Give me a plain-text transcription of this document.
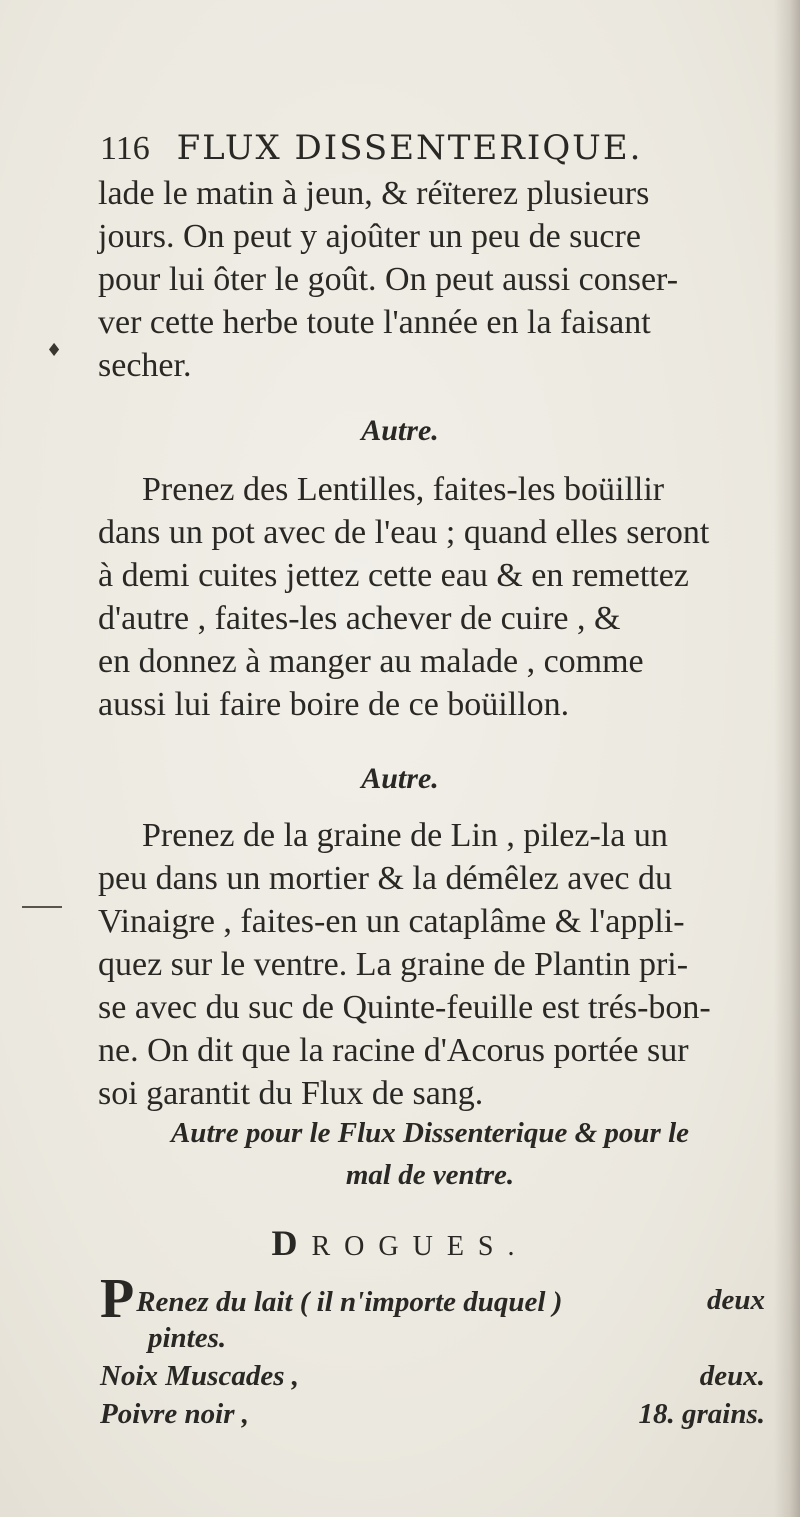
116 FLUX DISSENTERIQUE.
lade le matin à jeun, & réïterez plusieurs
jours. On peut y ajoûter un peu de sucre
pour lui ôter le goût. On peut aussi conser-
ver cette herbe toute l'année en la faisant
secher.
♦
Autre.
Prenez des Lentilles, faites-les boüillir
dans un pot avec de l'eau ; quand elles seront
à demi cuites jettez cette eau & en remettez
d'autre , faites-les achever de cuire , &
en donnez à manger au malade , comme
aussi lui faire boire de ce boüillon.
Autre.
Prenez de la graine de Lin , pilez-la un
peu dans un mortier & la démêlez avec du
Vinaigre , faites-en un cataplâme & l'appli-
quez sur le ventre. La graine de Plantin pri-
se avec du suc de Quinte-feuille est trés-bon-
ne. On dit que la racine d'Acorus portée sur
soi garantit du Flux de sang.
Autre pour le Flux Dissenterique & pour le
mal de ventre.
DROGUES.
PRenez du lait ( il n'importe duquel )	deux
pintes.
Noix Muscades ,	deux.
Poivre noir ,	18. grains.
